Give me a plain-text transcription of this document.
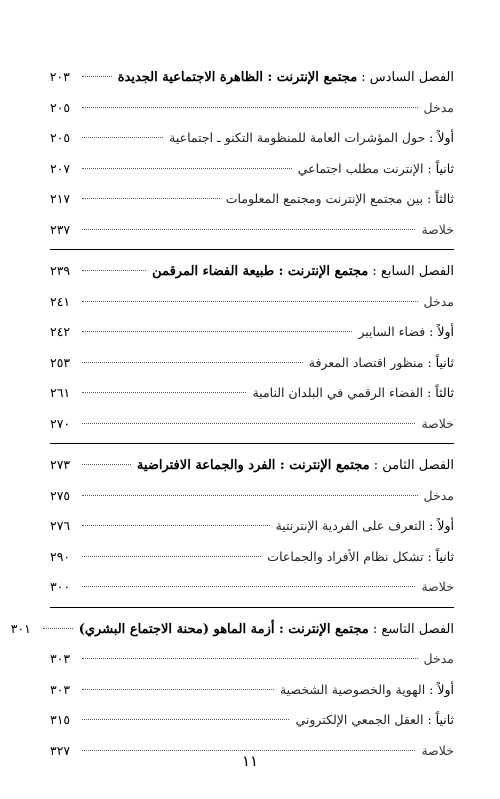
الفصل السادس :

مجتمع الإنترنت : الظاهرة الاجتماعية الجديدة
٢٠٣
مدخل
٢٠٥
أولاً :

حول المؤشرات العامة للمنظومة التكنو ـ اجتماعية
٢٠٥
ثانياً :

الإنترنت مطلب اجتماعي
٢٠٧
ثالثاً :

بين مجتمع الإنترنت ومجتمع المعلومات
٢١٧
خلاصة
٢٣٧
الفصل السابع :

مجتمع الإنترنت : طبيعة الفضاء المرقمن
٢٣٩
مدخل
٢٤١
أولاً :

فضاء السايبر
٢٤٢
ثانياً :

منظور اقتصاد المعرفة
٢٥٣
ثالثاً :

الفضاء الرقمي في البلدان النامية
٢٦١
خلاصة
٢٧٠
الفصل الثامن :

مجتمع الإنترنت : الفرد والجماعة الافتراضية
٢٧٣
مدخل
٢٧٥
أولاً :

التعرف على الفردية الإنترنتية
٢٧٦
ثانياً :

تشكل نظام الأفراد والجماعات
٢٩٠
خلاصة
٣٠٠
الفصل التاسع :

مجتمع الإنترنت : أزمة الماهو (محنة الاجتماع البشري)
٣٠١
مدخل
٣٠٣
أولاً :

الهوية والخصوصية الشخصية
٣٠٣
ثانياً :

العقل الجمعي الإلكتروني
٣١٥
خلاصة
٣٢٧
١١
